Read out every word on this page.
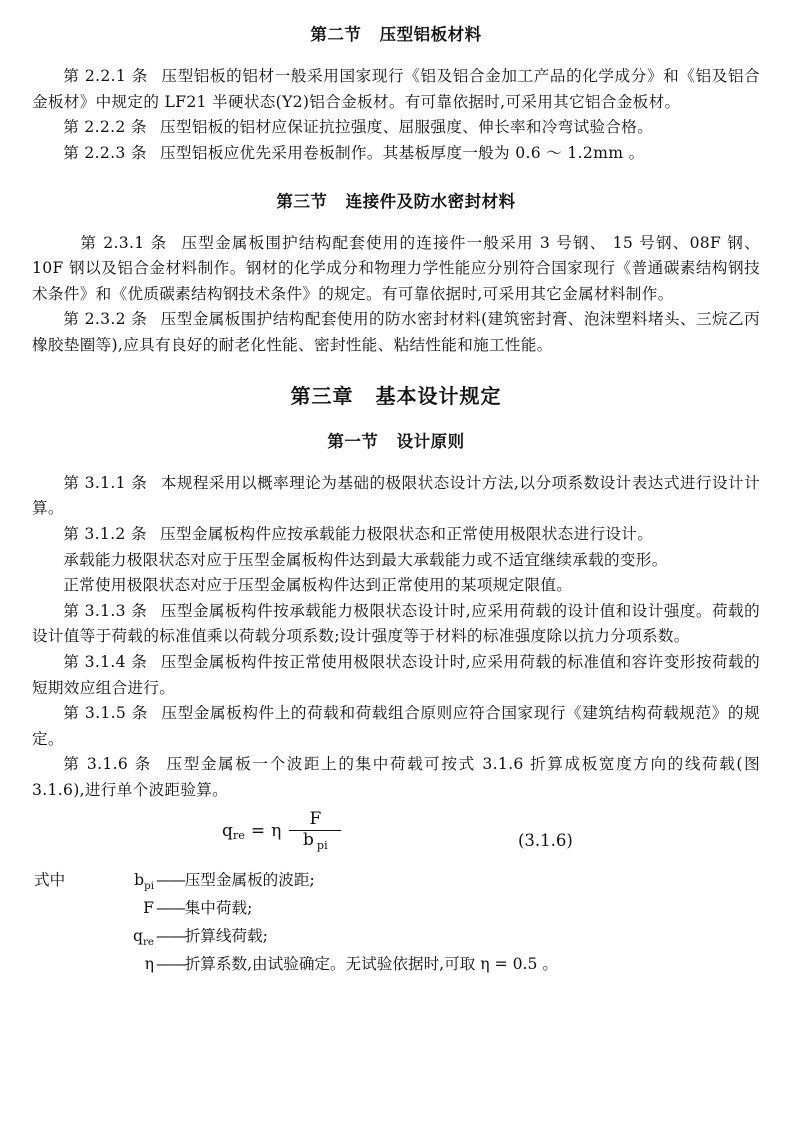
第二节 压型铝板材料

第 2.2.1 条 压型铝板的铝材一般采用国家现行《铝及铝合金加工产品的化学成分》和《铝及铝合金板材》中规定的 LF21 半硬状态(Y2)铝合金板材。有可靠依据时,可采用其它铝合金板材。

第 2.2.2 条 压型铝板的铝材应保证抗拉强度、屈服强度、伸长率和冷弯试验合格。

第 2.2.3 条 压型铝板应优先采用卷板制作。其基板厚度一般为 0.6 ～ 1.2mm 。

第三节 连接件及防水密封材料

第 2.3.1 条 压型金属板围护结构配套使用的连接件一般采用 3 号钢、 15 号钢、08F 钢、 10F 钢以及铝合金材料制作。钢材的化学成分和物理力学性能应分别符合国家现行《普通碳素结构钢技术条件》和《优质碳素结构钢技术条件》的规定。有可靠依据时,可采用其它金属材料制作。

第 2.3.2 条 压型金属板围护结构配套使用的防水密封材料(建筑密封膏、泡沫塑料堵头、三烷乙丙橡胶垫圈等),应具有良好的耐老化性能、密封性能、粘结性能和施工性能。

第三章 基本设计规定
第一节 设计原则

第 3.1.1 条 本规程采用以概率理论为基础的极限状态设计方法,以分项系数设计表达式进行设计计算。

第 3.1.2 条 压型金属板构件应按承载能力极限状态和正常使用极限状态进行设计。

承载能力极限状态对应于压型金属板构件达到最大承载能力或不适宜继续承载的变形。

正常使用极限状态对应于压型金属板构件达到正常使用的某项规定限值。

第 3.1.3 条 压型金属板构件按承载能力极限状态设计时,应采用荷载的设计值和设计强度。荷载的设计值等于荷载的标准值乘以荷载分项系数;设计强度等于材料的标准强度除以抗力分项系数。

第 3.1.4 条 压型金属板构件按正常使用极限状态设计时,应采用荷载的标准值和容许变形按荷载的短期效应组合进行。

第 3.1.5 条 压型金属板构件上的荷载和荷载组合原则应符合国家现行《建筑结构荷载规范》的规定。

第 3.1.6 条 压型金属板一个波距上的集中荷载可按式 3.1.6 折算成板宽度方向的线荷载(图 3.1.6),进行单个波距验算。

$q_{re} = \eta \frac{F}{b _{pi}}$	(3.1.6)
式中	$b_{pi}$ ——压型金属板的波距;
F ——集中荷载;
$q_{re}$ ——折算线荷载;
η ——折算系数,由试验确定。无试验依据时,可取 η = 0.5 。
